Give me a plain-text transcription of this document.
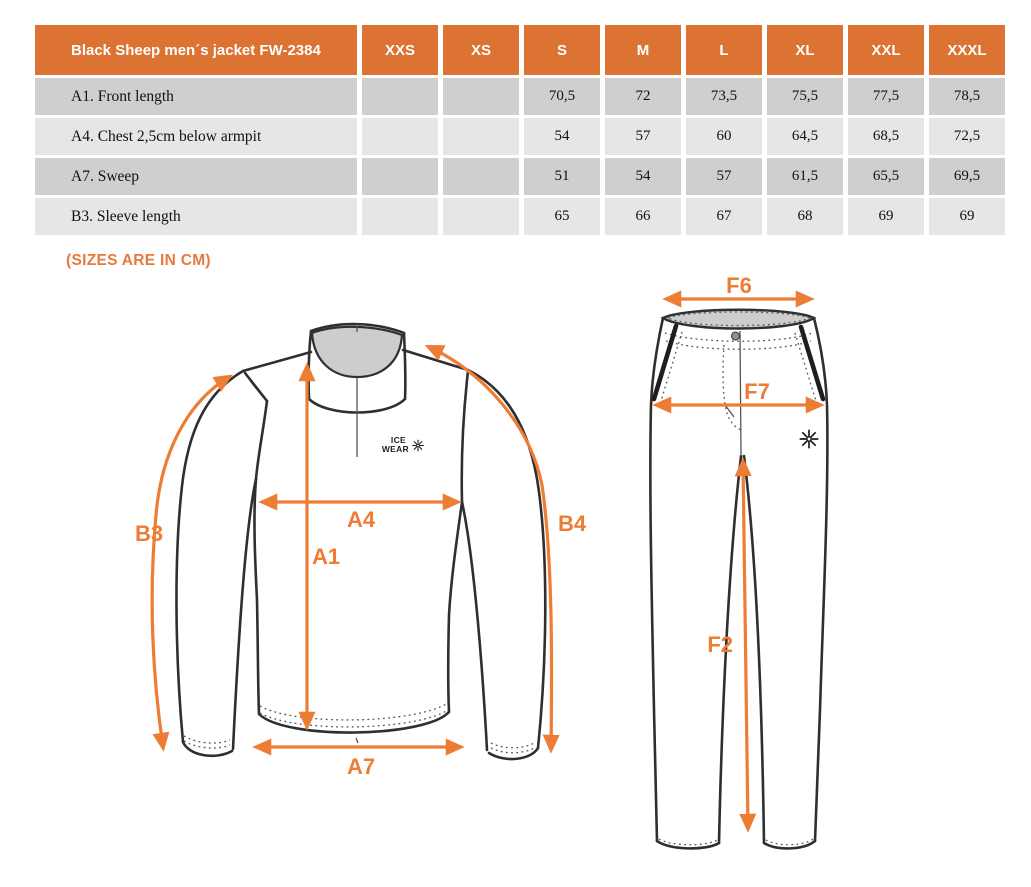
Black Sheep men´s jacket FW-2384	XXS	XS	S	M	L	XL	XXL	XXXL
A1. Front length			70,5	72	73,5	75,5	77,5	78,5
A4. Chest 2,5cm below armpit			54	57	60	64,5	68,5	72,5
A7. Sweep			51	54	57	61,5	65,5	69,5
B3. Sleeve length			65	66	67	68	69	69
(SIZES ARE IN CM)
ICE
WEAR
B3
A4
A1
A7
B4
F6
F7
F2
